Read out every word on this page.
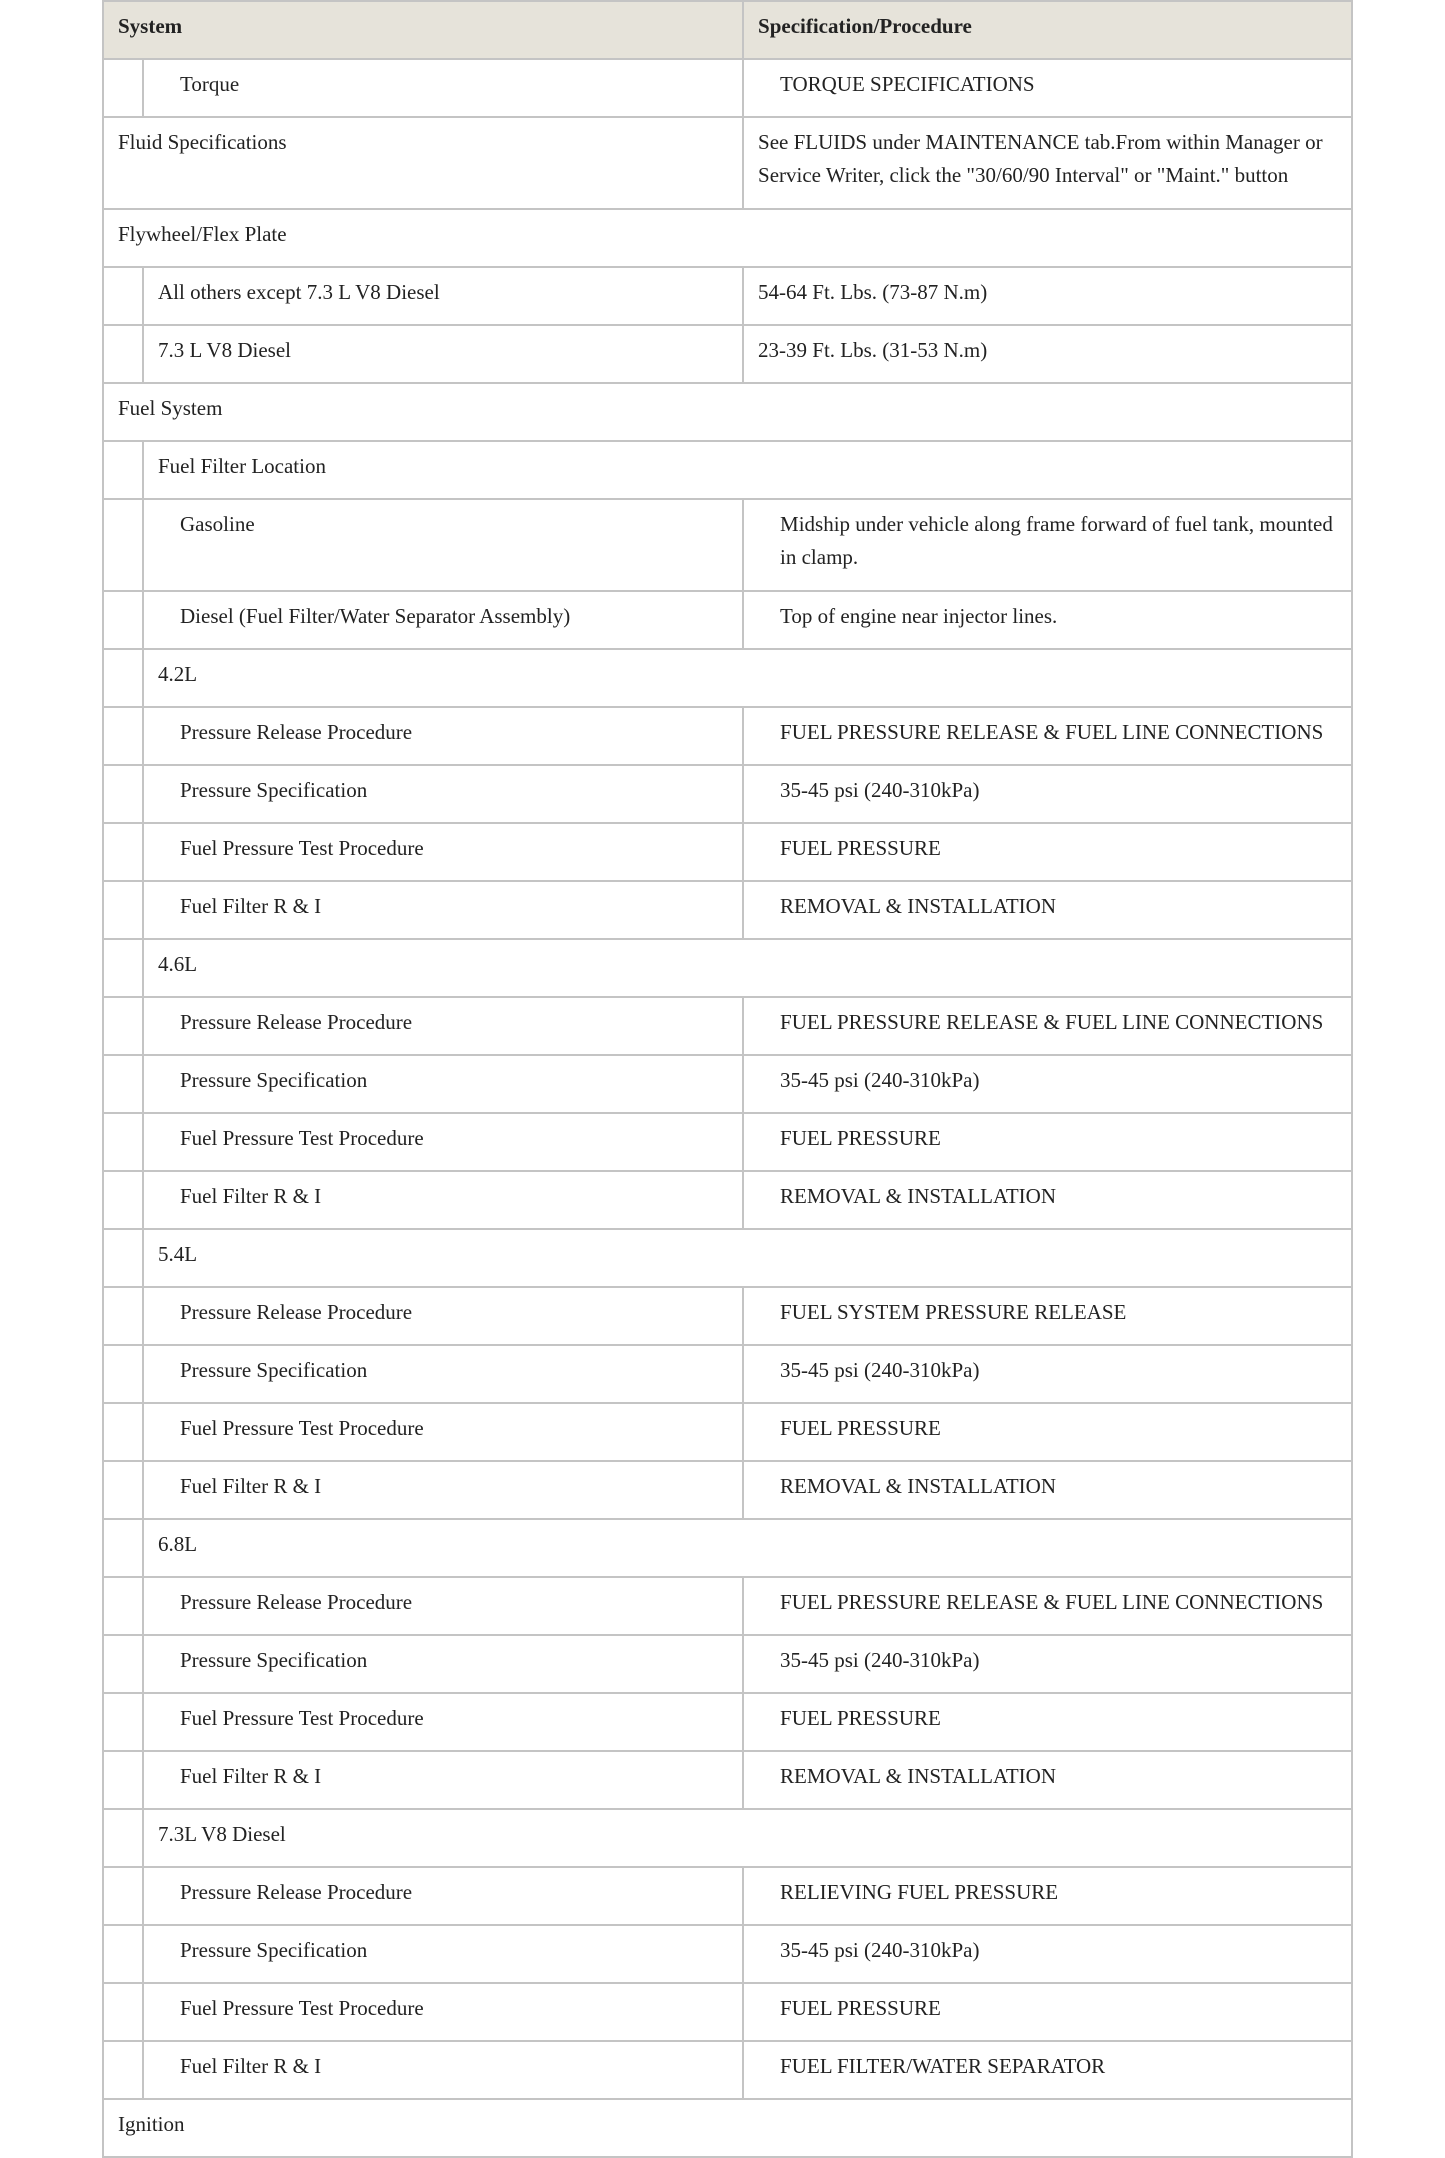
System		Specification/Procedure
	Torque	TORQUE SPECIFICATIONS
Fluid Specifications		See FLUIDS under MAINTENANCE tab.From within Manager or Service Writer, click the "30/60/90 Interval" or "Maint." button
Flywheel/Flex Plate		
	All others except 7.3 L V8 Diesel	54-64 Ft. Lbs. (73-87 N.m)
	7.3 L V8 Diesel	23-39 Ft. Lbs. (31-53 N.m)
Fuel System		
	Fuel Filter Location	
	Gasoline	Midship under vehicle along frame forward of fuel tank, mounted in clamp.
	Diesel (Fuel Filter/Water Separator Assembly)	Top of engine near injector lines.
	4.2L	
	Pressure Release Procedure	FUEL PRESSURE RELEASE & FUEL LINE CONNECTIONS
	Pressure Specification	35-45 psi (240-310kPa)
	Fuel Pressure Test Procedure	FUEL PRESSURE
	Fuel Filter R & I	REMOVAL & INSTALLATION
	4.6L	
	Pressure Release Procedure	FUEL PRESSURE RELEASE & FUEL LINE CONNECTIONS
	Pressure Specification	35-45 psi (240-310kPa)
	Fuel Pressure Test Procedure	FUEL PRESSURE
	Fuel Filter R & I	REMOVAL & INSTALLATION
	5.4L	
	Pressure Release Procedure	FUEL SYSTEM PRESSURE RELEASE
	Pressure Specification	35-45 psi (240-310kPa)
	Fuel Pressure Test Procedure	FUEL PRESSURE
	Fuel Filter R & I	REMOVAL & INSTALLATION
	6.8L	
	Pressure Release Procedure	FUEL PRESSURE RELEASE & FUEL LINE CONNECTIONS
	Pressure Specification	35-45 psi (240-310kPa)
	Fuel Pressure Test Procedure	FUEL PRESSURE
	Fuel Filter R & I	REMOVAL & INSTALLATION
	7.3L V8 Diesel	
	Pressure Release Procedure	RELIEVING FUEL PRESSURE
	Pressure Specification	35-45 psi (240-310kPa)
	Fuel Pressure Test Procedure	FUEL PRESSURE
	Fuel Filter R & I	FUEL FILTER/WATER SEPARATOR
Ignition		
